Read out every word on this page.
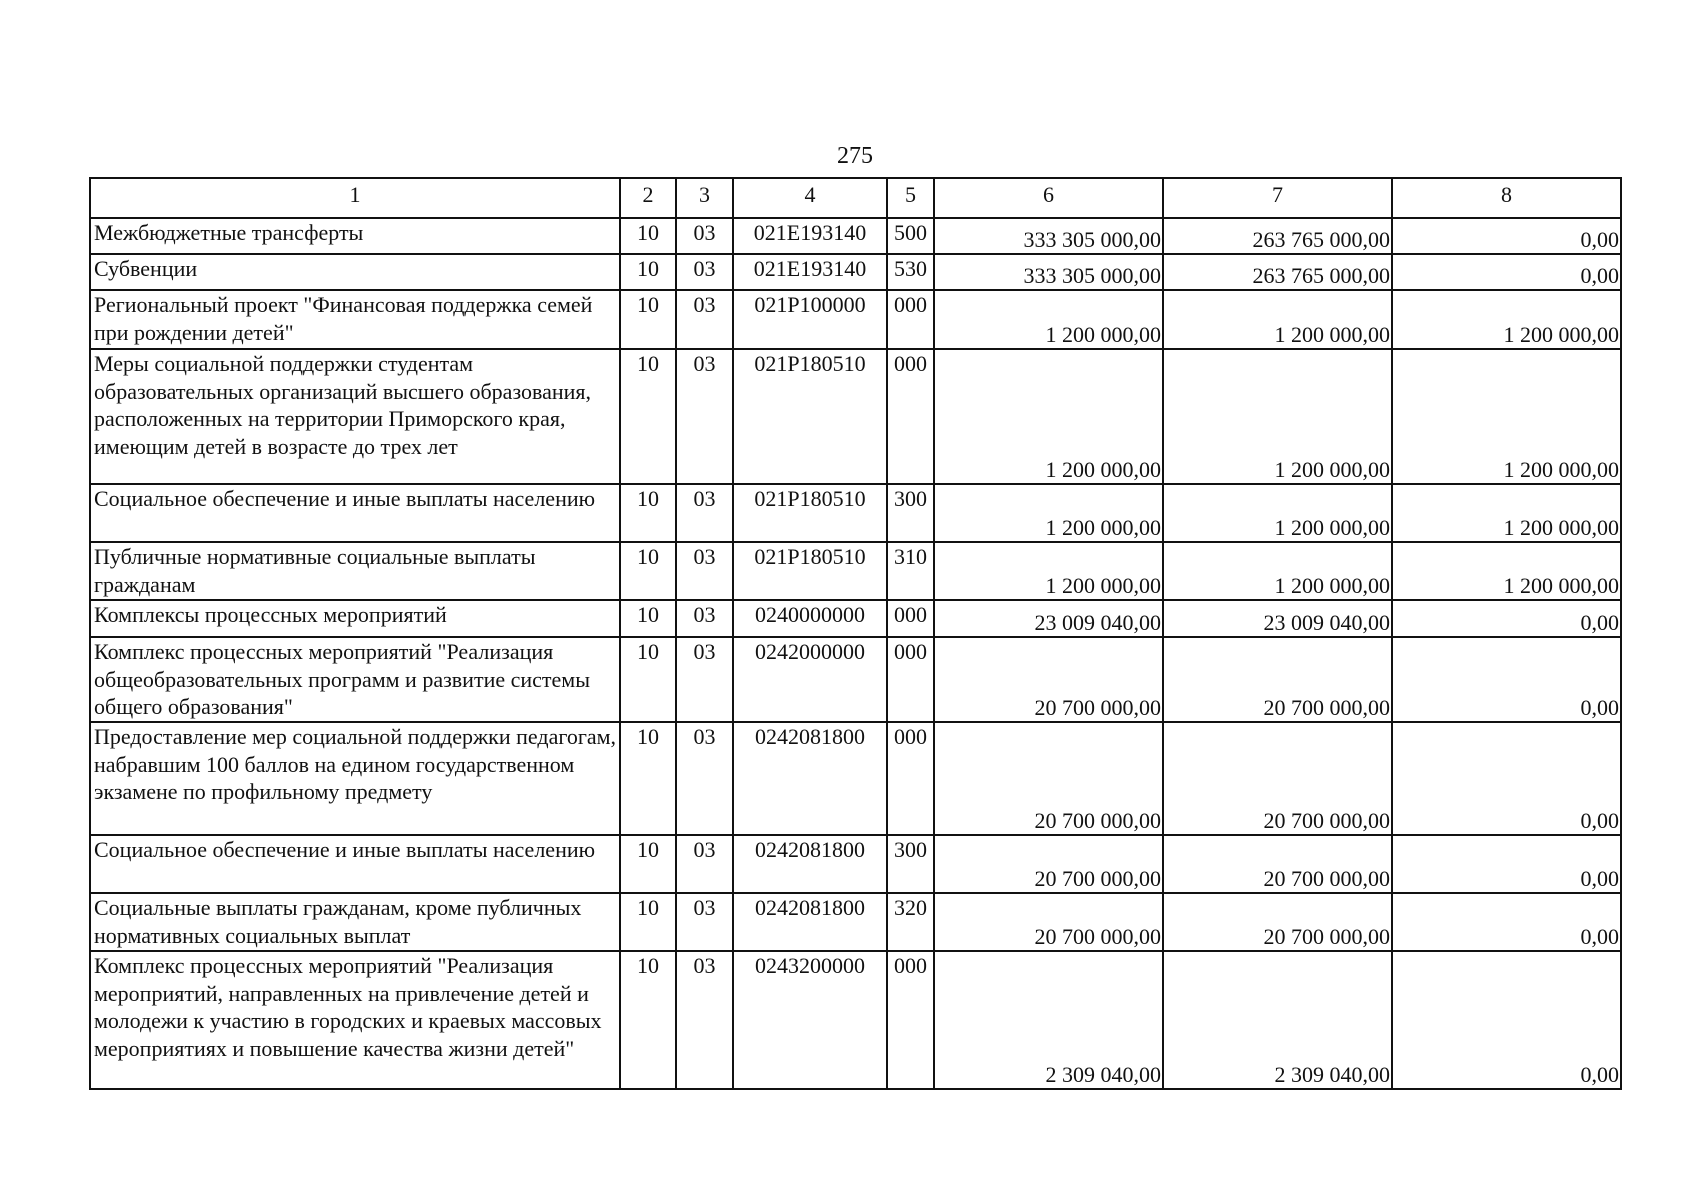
275
1	2	3	4	5	6	7	8
Межбюджетные трансферты	10	03	021E193140	500	333 305 000,00	263 765 000,00	0,00
Субвенции	10	03	021E193140	530	333 305 000,00	263 765 000,00	0,00
Региональный проект "Финансовая поддержка семей при рождении детей"	10	03	021P100000	000	1 200 000,00	1 200 000,00	1 200 000,00
Меры социальной поддержки студентам образовательных организаций высшего образования, расположенных на территории Приморского края, имеющим детей в возрасте до трех лет	10	03	021P180510	000	1 200 000,00	1 200 000,00	1 200 000,00
Социальное обеспечение и иные выплаты населению	10	03	021P180510	300	1 200 000,00	1 200 000,00	1 200 000,00
Публичные нормативные социальные выплаты гражданам	10	03	021P180510	310	1 200 000,00	1 200 000,00	1 200 000,00
Комплексы процессных мероприятий	10	03	0240000000	000	23 009 040,00	23 009 040,00	0,00
Комплекс процессных мероприятий "Реализация общеобразовательных программ и развитие системы общего образования"	10	03	0242000000	000	20 700 000,00	20 700 000,00	0,00
Предоставление мер социальной поддержки педагогам, набравшим 100 баллов на едином государственном экзамене по профильному предмету	10	03	0242081800	000	20 700 000,00	20 700 000,00	0,00
Социальное обеспечение и иные выплаты населению	10	03	0242081800	300	20 700 000,00	20 700 000,00	0,00
Социальные выплаты гражданам, кроме публичных нормативных социальных выплат	10	03	0242081800	320	20 700 000,00	20 700 000,00	0,00
Комплекс процессных мероприятий "Реализация мероприятий, направленных на привлечение детей и молодежи к участию в городских и краевых массовых мероприятиях и повышение качества жизни детей"	10	03	0243200000	000	2 309 040,00	2 309 040,00	0,00
